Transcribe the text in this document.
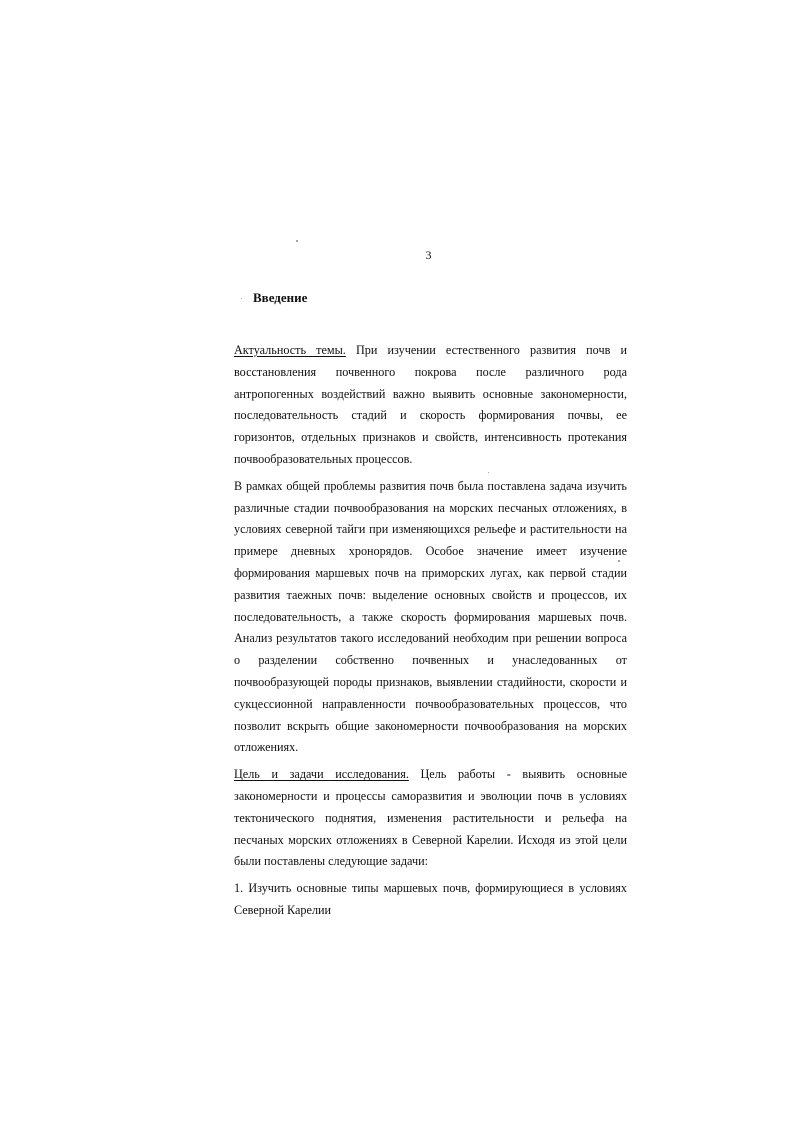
3
Введение

Актуальность темы. При изучении естественного развития почв и восстановления почвенного покрова после различного рода антропогенных воздействий важно выявить основные закономерности, последовательность стадий и скорость формирования почвы, ее горизонтов, отдельных признаков и свойств, интенсивность протекания почвообразовательных процессов.

В рамках общей проблемы развития почв была поставлена задача изучить различные стадии почвообразования на морских песчаных отложениях, в условиях северной тайги при изменяющихся рельефе и растительности на примере дневных хронорядов. Особое значение имеет изучение формирования маршевых почв на приморских лугах, как первой стадии развития таежных почв: выделение основных свойств и процессов, их последовательность, а также скорость формирования маршевых почв. Анализ результатов такого исследований необходим при решении вопроса о разделении собственно почвенных и унаследованных от почвообразующей породы признаков, выявлении стадийности, скорости и сукцессионной направленности почвообразовательных процессов, что позволит вскрыть общие закономерности почвообразования на морских отложениях.

Цель и задачи исследования. Цель работы - выявить основные закономерности и процессы саморазвития и эволюции почв в условиях тектонического поднятия, изменения растительности и рельефа на песчаных морских отложениях в Северной Карелии. Исходя из этой цели были поставлены следующие задачи:

1. Изучить основные типы маршевых почв, формирующиеся в условиях Северной Карелии
